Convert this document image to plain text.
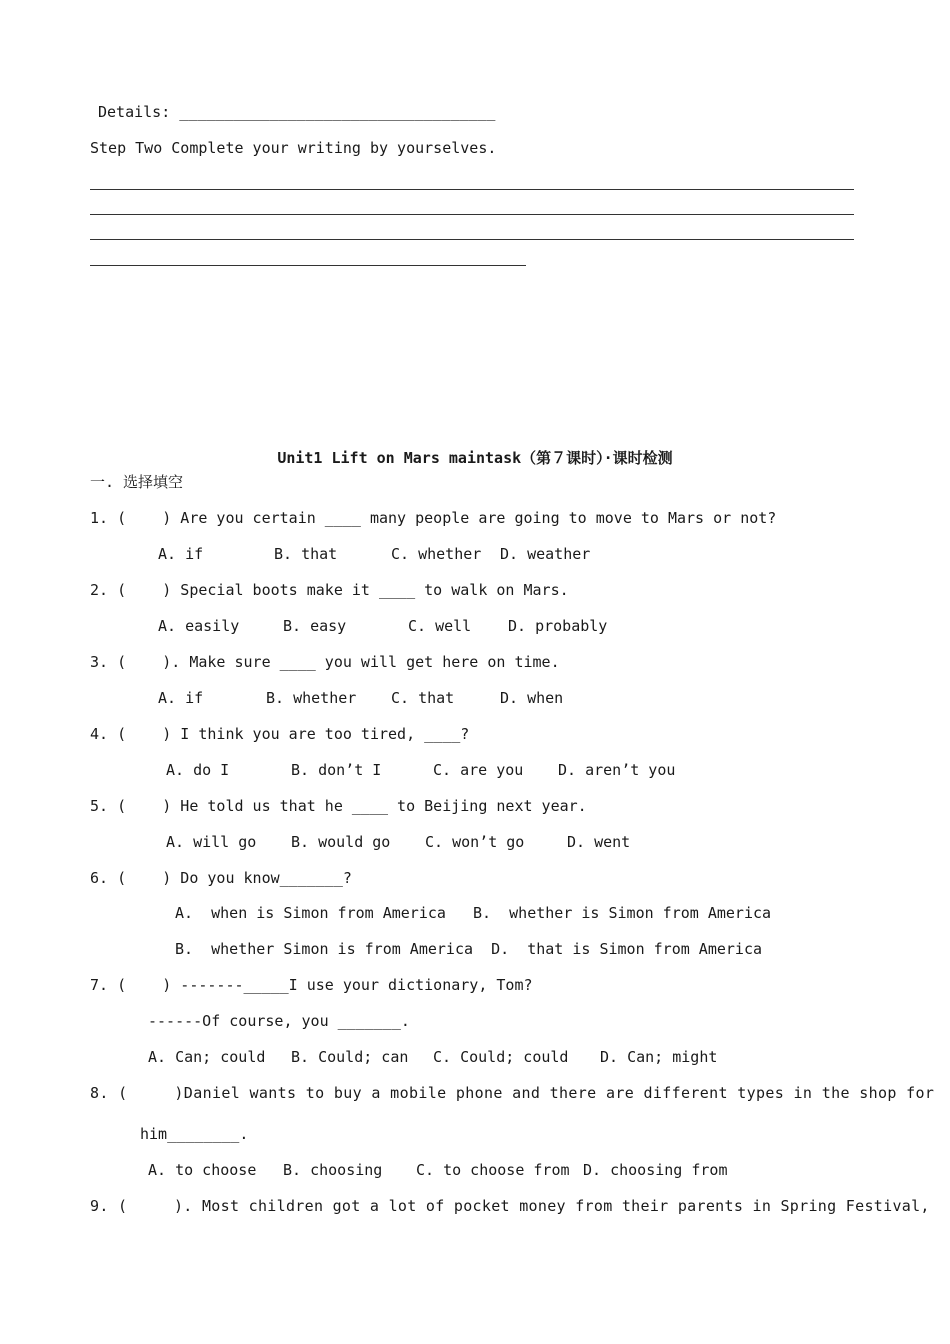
Details: ___________________________________
Step Two Complete your writing by yourselves.
Unit1 Lift on Mars maintask（第７课时）·课时检测
一. 选择填空
1. (    ) Are you certain ____ many people are going to move to Mars or not?
A. if	B. that	C. whether D. weather
2. (    ) Special boots make it ____ to walk on Mars.
A. easily	B. easy	C. well D. probably
3. (    ). Make sure ____ you will get here on time.
A. if	B. whether C. that	D. when
4. (    ) I think you are too tired, ____?
A. do I	B. don’t I	C. are you D. aren’t you
5. (    ) He told us that he ____ to Beijing next year.
A. will go B. would go C. won’t go	D. went
6. (    ) Do you know_______?
A.  when is Simon from America   B.  whether is Simon from America
B.  whether Simon is from America  D.  that is Simon from America
7. (    ) -------_____I use your dictionary, Tom?
------Of course, you _______.
A. Can; could B. Could; can C. Could; could D. Can; might
8. (     )Daniel wants to buy a mobile phone and there are different types in the shop for
him________.
A. to choose B. choosing C. to choose from D. choosing from
9. (     ). Most children got a lot of pocket money from their parents in Spring Festival,
